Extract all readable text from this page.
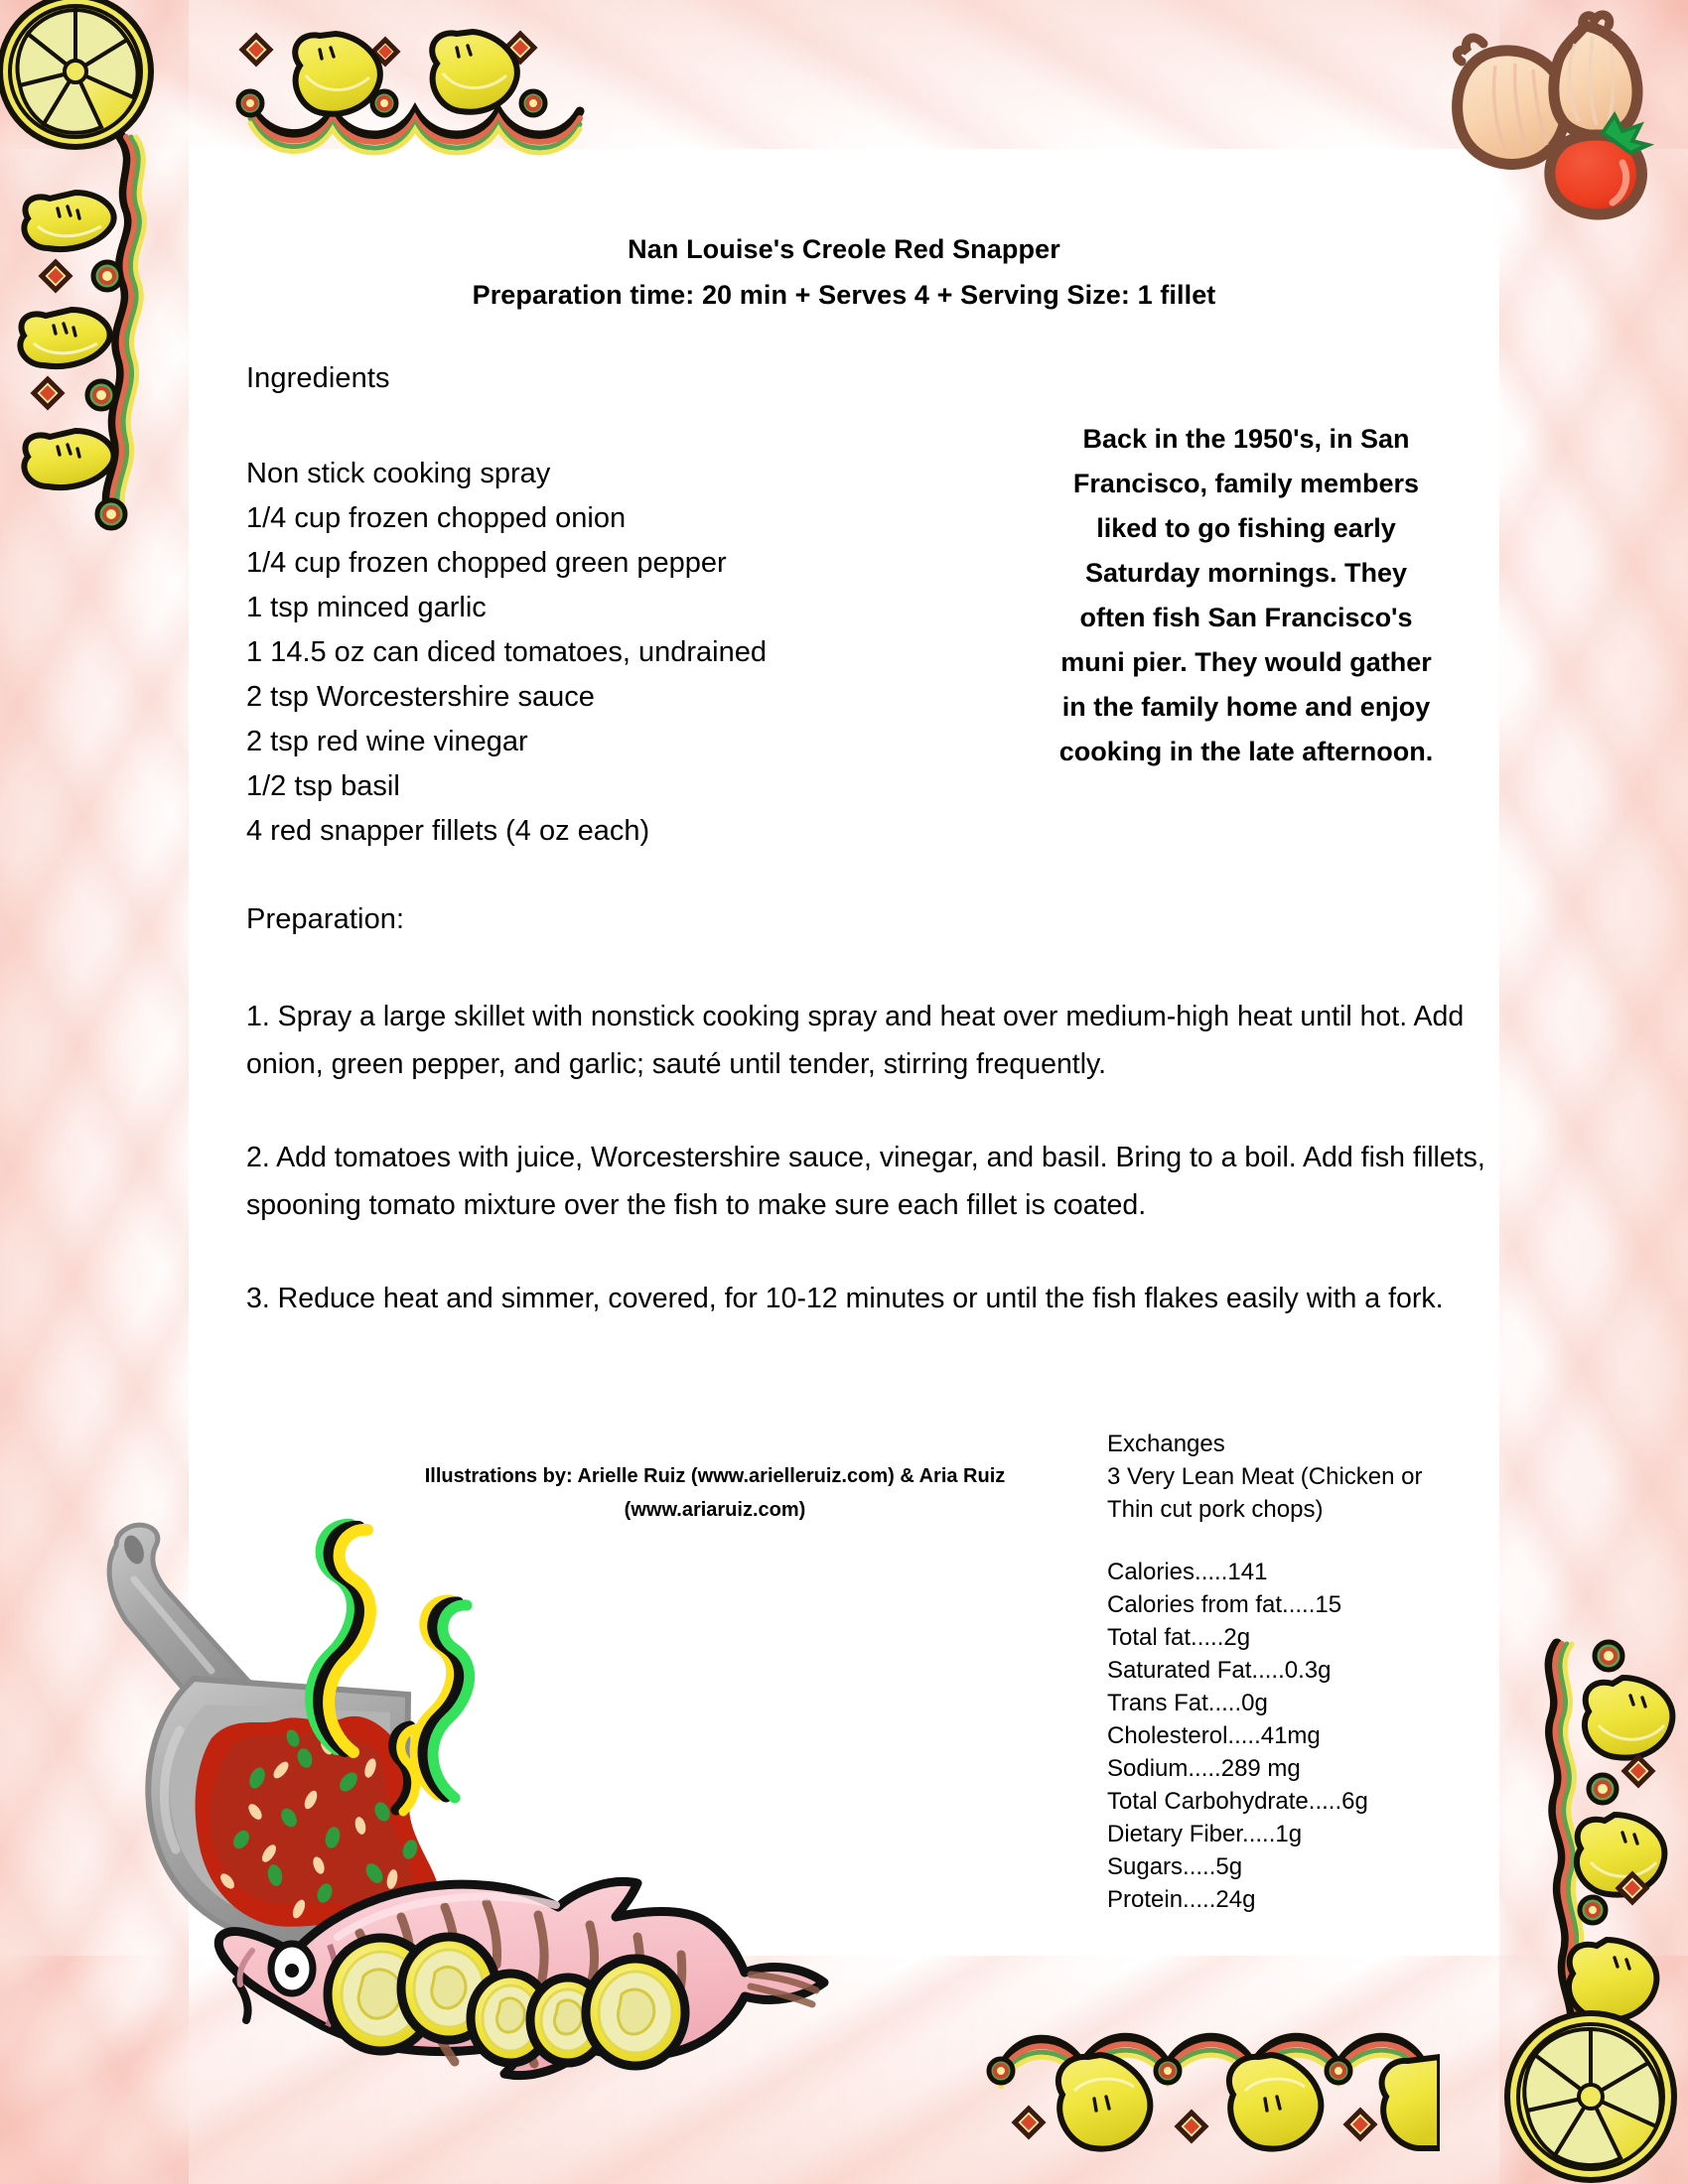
Nan Louise's Creole Red Snapper
Preparation time: 20 min + Serves 4 + Serving Size: 1 fillet
Ingredients
Non stick cooking spray
1/4 cup frozen chopped onion
1/4 cup frozen chopped green pepper
1 tsp minced garlic
1 14.5 oz can diced tomatoes, undrained
2 tsp Worcestershire sauce
2 tsp red wine vinegar
1/2 tsp basil
4 red snapper fillets (4 oz each)
Back in the 1950's, in San
Francisco, family members
liked to go fishing early
Saturday mornings. They
often fish San Francisco's
muni pier. They would gather
in the family home and enjoy
cooking in the late afternoon.
Preparation:
1. Spray a large skillet with nonstick cooking spray and heat over medium-high heat until hot. Add onion, green pepper, and garlic; sauté until tender, stirring frequently.
2. Add tomatoes with juice, Worcestershire sauce, vinegar, and basil. Bring to a boil. Add fish fillets, spooning tomato mixture over the fish to make sure each fillet is coated.
3. Reduce heat and simmer, covered, for 10-12 minutes or until the fish flakes easily with a fork.
Illustrations by: Arielle Ruiz (www.arielleruiz.com) & Aria Ruiz
(www.ariaruiz.com)
Exchanges
3 Very Lean Meat (Chicken or
Thin cut pork chops)
Calories.....141
Calories from fat.....15
Total fat.....2g
Saturated Fat.....0.3g
Trans Fat.....0g
Cholesterol.....41mg
Sodium.....289 mg
Total Carbohydrate.....6g
Dietary Fiber.....1g
Sugars.....5g
Protein.....24g
